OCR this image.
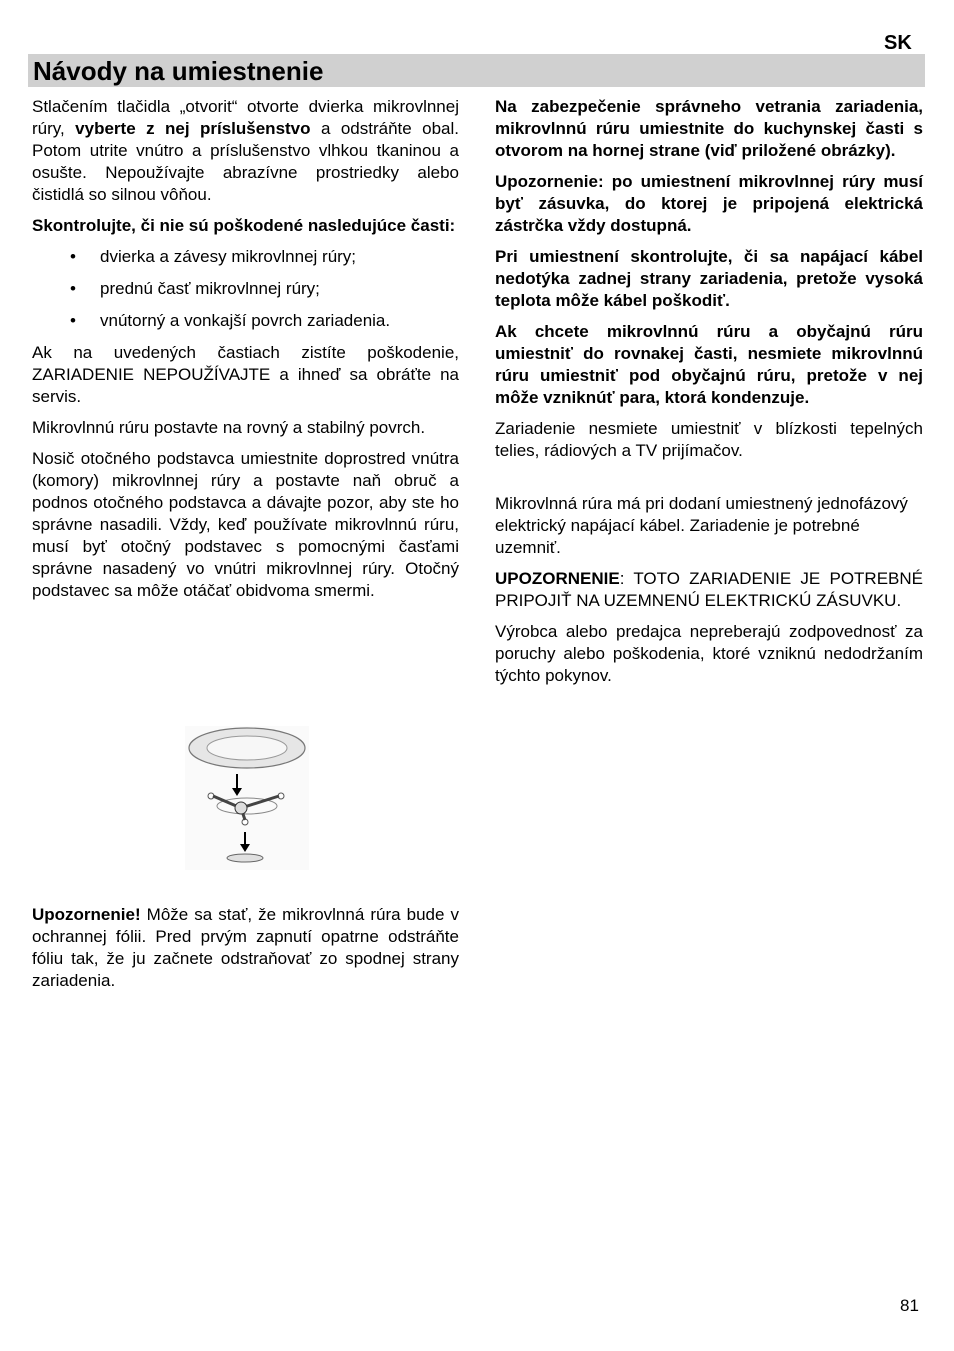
SK
Návody na umiestnenie

Stlačením tlačidla „otvorit“ otvorte dvierka mikrovlnnej rúry, vyberte z nej príslušenstvo a odstráňte obal. Potom utrite vnútro a príslušenstvo vlhkou tkaninou a osušte. Nepoužívajte abrazívne prostriedky alebo čistidlá so silnou vôňou.

Skontrolujte, či nie sú poškodené nasledujúce časti:

• dvierka a závesy mikrovlnnej rúry;
• prednú časť mikrovlnnej rúry;
• vnútorný a vonkajší povrch zariadenia.

Ak na uvedených častiach zistíte poškodenie, ZARIADENIE NEPOUŽÍVAJTE a ihneď sa obráťte na servis.

Mikrovlnnú rúru postavte na rovný a stabilný povrch.

Nosič otočného podstavca umiestnite doprostred vnútra (komory) mikrovlnnej rúry a postavte naň obruč a podnos otočného podstavca a dávajte pozor, aby ste ho správne nasadili. Vždy, keď používate mikrovlnnú rúru, musí byť otočný podstavec s pomocnými časťami správne nasadený vo vnútri mikrovlnnej rúry. Otočný podstavec sa môže otáčať obidvoma smermi.

Upozornenie! Môže sa stať, že mikrovlnná rúra bude v ochrannej fólii. Pred prvým zapnutí opatrne odstráňte fóliu tak, že ju začnete odstraňovať zo spodnej strany zariadenia.

Na zabezpečenie správneho vetrania zariadenia, mikrovlnnú rúru umiestnite do kuchynskej časti s otvorom na hornej strane (viď priložené obrázky).

Upozornenie: po umiestnení mikrovlnnej rúry musí byť zásuvka, do ktorej je pripojená elektrická zástrčka vždy dostupná.

Pri umiestnení skontrolujte, či sa napájací kábel nedotýka zadnej strany zariadenia, pretože vysoká teplota môže kábel poškodiť.

Ak chcete mikrovlnnú rúru a obyčajnú rúru umiestniť do rovnakej časti, nesmiete mikrovlnnú rúru umiestniť pod obyčajnú rúru, pretože v nej môže vzniknúť para, ktorá kondenzuje.

Zariadenie nesmiete umiestniť v blízkosti tepelných telies, rádiových a TV prijímačov.

Mikrovlnná rúra má pri dodaní umiestnený jednofázový elektrický napájací kábel. Zariadenie je potrebné uzemniť.

UPOZORNENIE: TOTO ZARIADENIE JE POTREBNÉ PRIPOJIŤ NA UZEMNENÚ ELEKTRICKÚ ZÁSUVKU.

Výrobca alebo predajca nepreberajú zodpovednosť za poruchy alebo poškodenia, ktoré vzniknú nedodržaním týchto pokynov.

81
